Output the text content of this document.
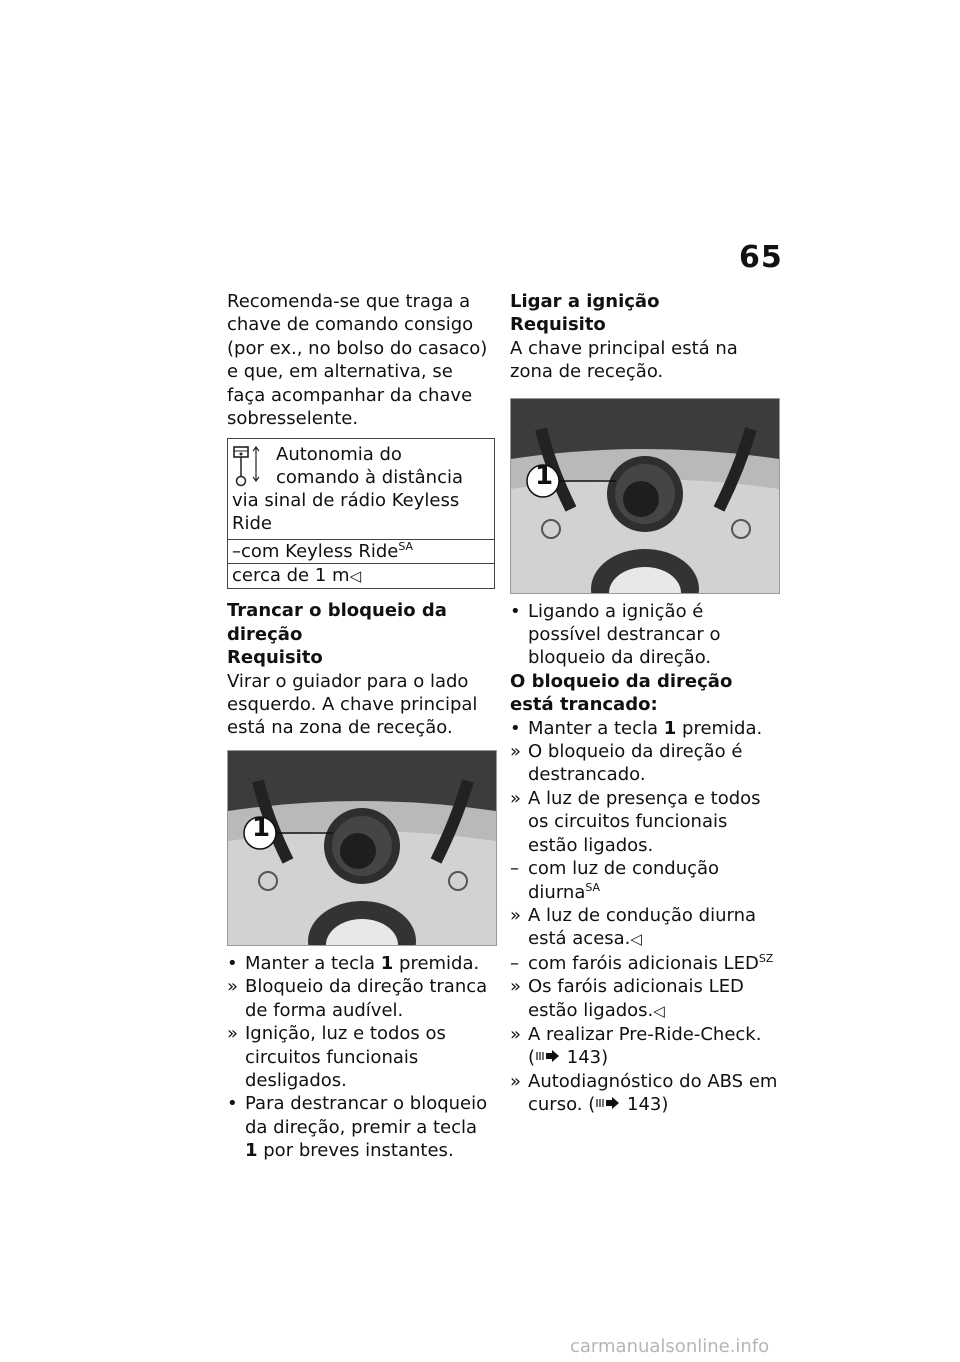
65

Recomenda-se que traga a chave de comando consigo (por ex., no bolso do casaco) e que, em alternativa, se faça acompanhar da chave sobresselente.

Autonomia do comando à distância via sinal de rádio Keyless Ride
–com Keyless Ride$^{SA}$
cerca de 1 m◁

Trancar o bloqueio da direção

Requisito

Virar o guiador para o lado esquerdo. A chave principal está na zona de receção.

1
• Manter a tecla 1 premida.
» Bloqueio da direção tranca de forma audível.
» Ignição, luz e todos os circuitos funcionais desligados.
• Para destrancar o bloqueio da direção, premir a tecla 1 por breves instantes.

Ligar a ignição

Requisito

A chave principal está na zona de receção.

1
• Ligando a ignição é possível destrancar o bloqueio da direção.

O bloqueio da direção está trancado:

• Manter a tecla 1 premida.
» O bloqueio da direção é destrancado.
» A luz de presença e todos os circuitos funcionais estão ligados.
– com luz de condução diurna$^{SA}$
» A luz de condução diurna está acesa.◁
– com faróis adicionais $LED^{SZ}$
» Os faróis adicionais LED estão ligados.◁
» A realizar Pre-Ride-Check.
( 143)
» Autodiagnóstico do ABS em curso. ( 143)
carmanualsonline.info
